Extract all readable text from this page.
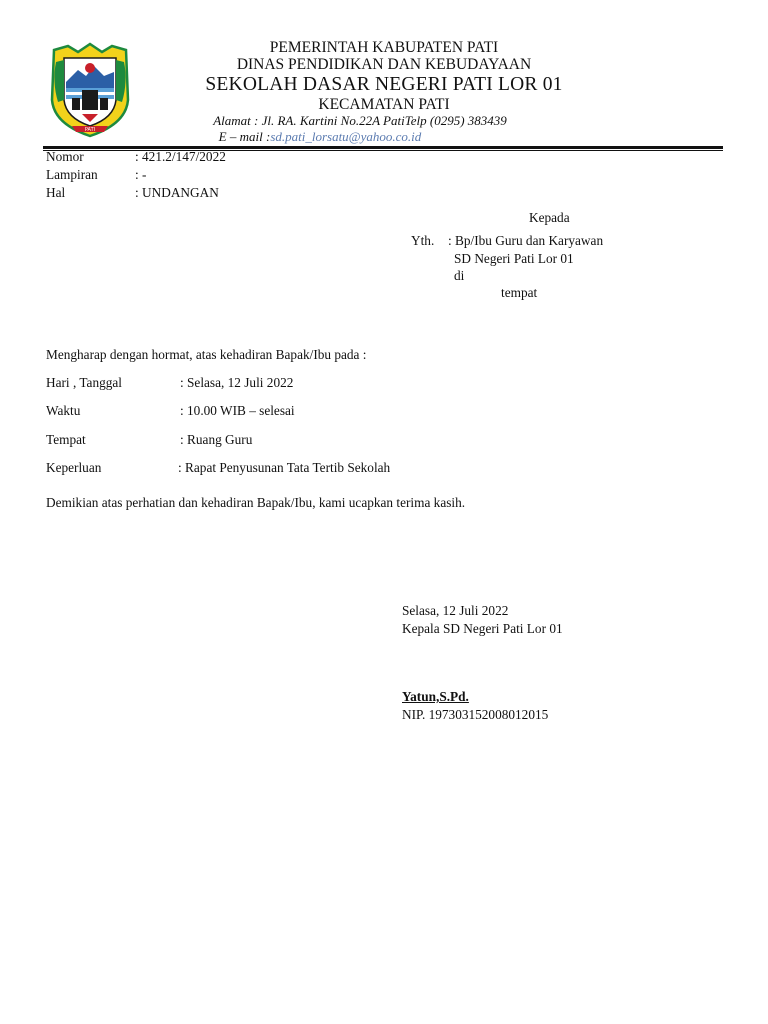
PATI
PEMERINTAH KABUPATEN PATI
DINAS PENDIDIKAN DAN KEBUDAYAAN
SEKOLAH DASAR NEGERI PATI LOR 01
KECAMATAN PATI
Alamat : Jl. RA. Kartini No.22A PatiTelp (0295) 383439
E – mail :sd.pati_lorsatu@yahoo.co.id
Nomor	: 421.2/147/2022
Lampiran	: -
Hal	: UNDANGAN
Kepada
Yth. : Bp/Ibu Guru dan Karyawan
SD Negeri Pati Lor 01
di
tempat
Mengharap dengan hormat, atas kehadiran Bapak/Ibu pada :
Hari , Tanggal	: Selasa, 12 Juli 2022
Waktu	: 10.00 WIB – selesai
Tempat	: Ruang Guru
Keperluan	: Rapat Penyusunan Tata Tertib Sekolah
Demikian atas perhatian dan kehadiran Bapak/Ibu, kami ucapkan terima kasih.
Selasa, 12 Juli 2022
Kepala SD Negeri Pati Lor 01
Yatun,S.Pd.
NIP. 197303152008012015
